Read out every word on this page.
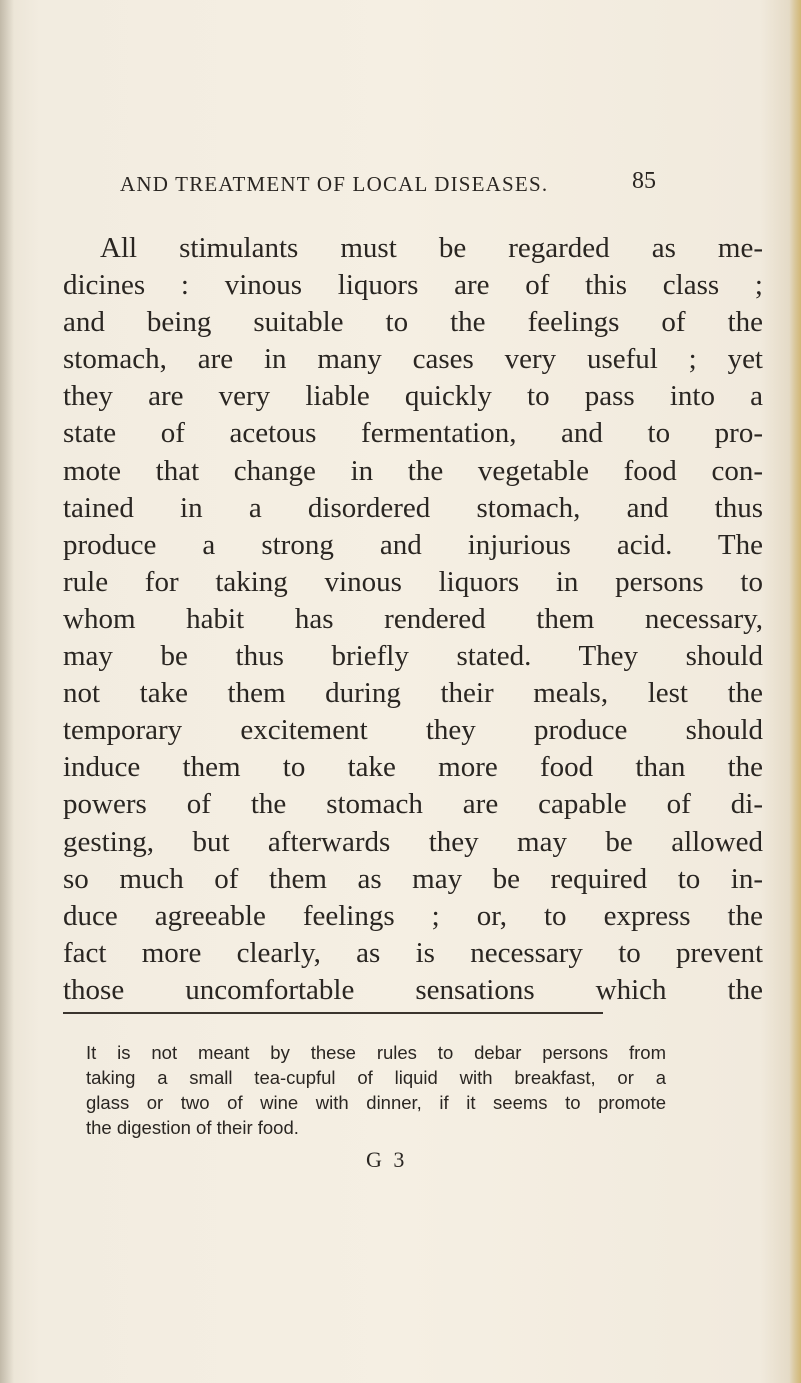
AND TREATMENT OF LOCAL DISEASES.	85

All stimulants must be regarded as me-
dicines : vinous liquors are of this class ;
and being suitable to the feelings of the
stomach, are in many cases very useful ; yet
they are very liable quickly to pass into a
state of acetous fermentation, and to pro-
mote that change in the vegetable food con-
tained in a disordered stomach, and thus
produce a strong and injurious acid. The
rule for taking vinous liquors in persons to
whom habit has rendered them necessary,
may be thus briefly stated. They should
not take them during their meals, lest the
temporary excitement they produce should
induce them to take more food than the
powers of the stomach are capable of di-
gesting, but afterwards they may be allowed
so much of them as may be required to in-
duce agreeable feelings ; or, to express the
fact more clearly, as is necessary to prevent
those uncomfortable sensations which the

It is not meant by these rules to debar persons from
taking a small tea-cupful of liquid with breakfast, or a
glass or two of wine with dinner, if it seems to promote
the digestion of their food.
G 3
